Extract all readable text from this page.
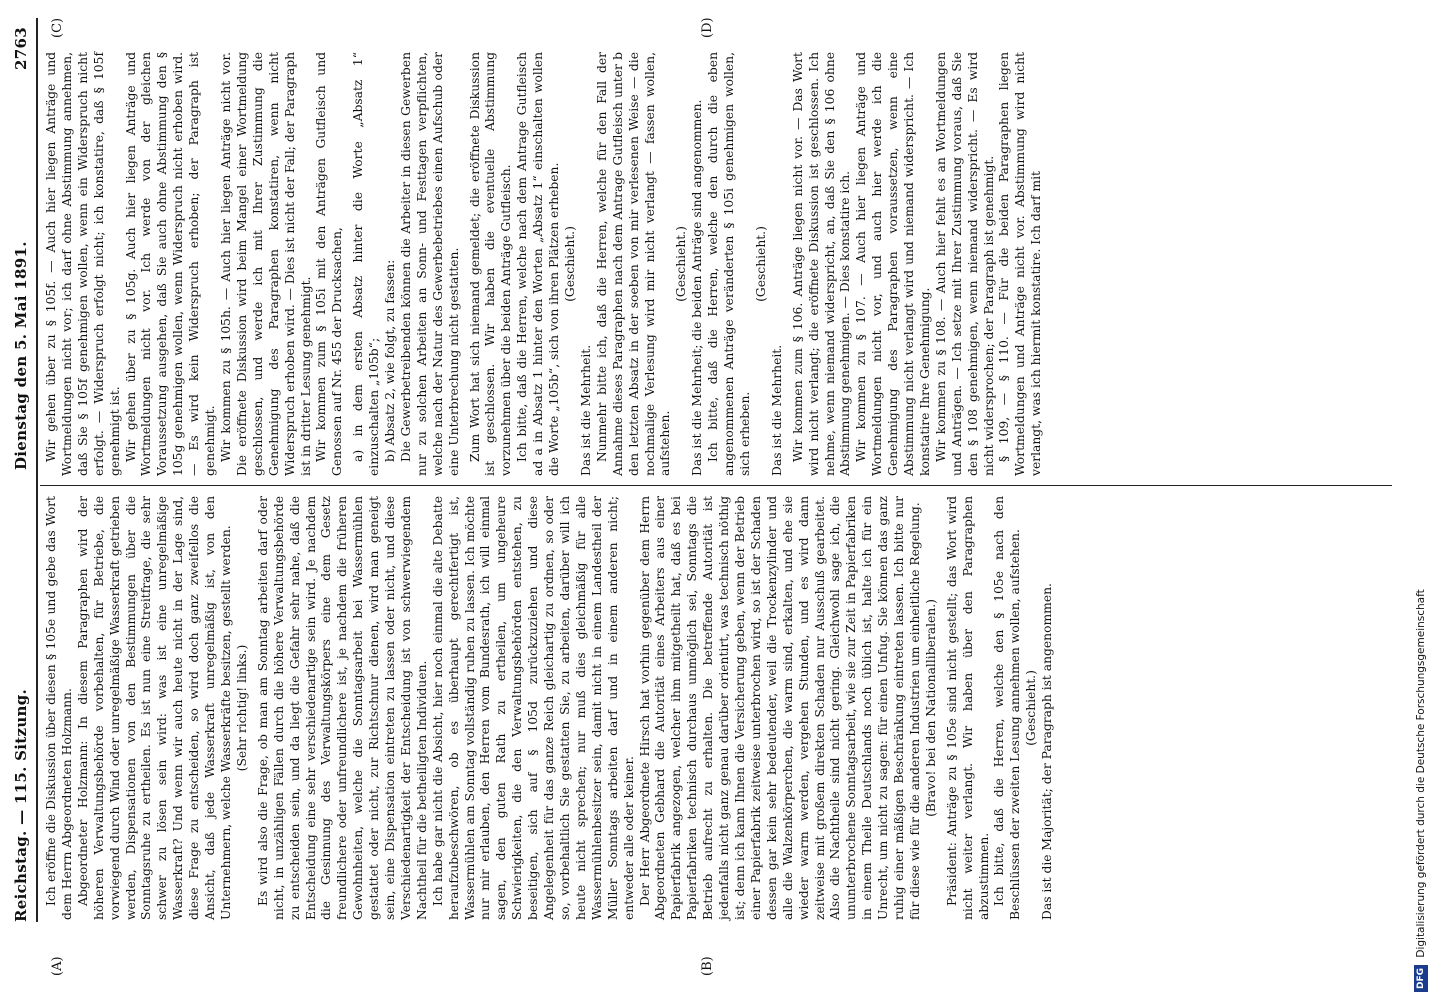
Reichstag. — 115. Sitzung.
Dienstag den 5. Mai 1891.
2763
(A)	(B)
(C)	(D)

Ich eröffne die Diskussion über diesen § 105e und gebe das Wort dem Herrn Abgeordneten Holzmann. Abgeordneter Holzmann: In diesem Paragraphen wird der höheren Verwaltungsbehörde vorbehalten, für Betriebe, die vorwiegend durch Wind oder unregelmäßige Wasserkraft getrieben werden, Dispensationen von den Bestimmungen über die Sonntagsruhe zu ertheilen. Es ist nun eine Streitfrage, die sehr schwer zu lösen sein wird: was ist eine unregelmäßige Wasserkraft? Und wenn wir auch heute nicht in der Lage sind, diese Frage zu entscheiden, so wird doch ganz zweifellos die Ansicht, daß jede Wasserkraft unregelmäßig ist, von den Unternehmern, welche Wasserkräfte besitzen, gestellt werden. (Sehr richtig! links.) Es wird also die Frage, ob man am Sonntag arbeiten darf oder nicht, in unzähligen Fällen durch die höhere Verwaltungsbehörde zu entscheiden sein, und da liegt die Gefahr sehr nahe, daß die Entscheidung eine sehr verschiedenartige sein wird. Je nachdem die Gesinnung des Verwaltungskörpers eine dem Gesetz freundlichere oder unfreundlichere ist, je nachdem die früheren Gewohnheiten, welche die Sonntagsarbeit bei Wassermühlen gestattet oder nicht, zur Richtschnur dienen, wird man geneigt sein, eine Dispensation eintreten zu lassen oder nicht, und diese Verschiedenartigkeit der Entscheidung ist von schwerwiegendem Nachtheil für die betheiligten Individuen. Ich habe gar nicht die Absicht, hier noch einmal die alte Debatte heraufzubeschwören, ob es überhaupt gerechtfertigt ist, Wassermühlen am Sonntag vollständig ruhen zu lassen. Ich möchte nur mir erlauben, den Herren vom Bundesrath, ich will einmal sagen, den guten Rath zu ertheilen, um ungeheure Schwierigkeiten, die den Verwaltungsbehörden entstehen, zu beseitigen, sich auf § 105d zurückzuziehen und diese Angelegenheit für das ganze Reich gleichartig zu ordnen, so oder so, vorbehaltlich Sie gestatten Sie, zu arbeiten, darüber will ich heute nicht sprechen; nur muß dies gleichmäßig für alle Wassermühlenbesitzer sein, damit nicht in einem Landestheil der Müller Sonntags arbeiten darf und in einem anderen nicht; entweder alle oder keiner. Der Herr Abgeordnete Hirsch hat vorhin gegenüber dem Herrn Abgeordneten Gebhard die Autorität eines Arbeiters aus einer Papierfabrik angezogen, welcher ihm mitgetheilt hat, daß es bei Papierfabriken technisch durchaus unmöglich sei, Sonntags die Betrieb aufrecht zu erhalten. Die betreffende Autorität ist jedenfalls nicht ganz genau darüber orientirt, was technisch nöthig ist; denn ich kann Ihnen die Versicherung geben, wenn der Betrieb einer Papierfabrik zeitweise unterbrochen wird, so ist der Schaden dessen gar kein sehr bedeutender, weil die Trockenzylinder und alle die Walzenkörperchen, die warm sind, erkalten, und ehe sie wieder warm werden, vergehen Stunden, und es wird dann zeitweise mit großem direkten Schaden nur Ausschuß gearbeitet. Also die Nachtheile sind nicht gering. Gleichwohl sage ich, die ununterbrochene Sonntagsarbeit, wie sie zur Zeit in Papierfabriken in einem Theile Deutschlands noch üblich ist, halte ich für ein Unrecht, um nicht zu sagen: für einen Unfug. Sie können das ganz ruhig einer mäßigen Beschränkung eintreten lassen. Ich bitte nur für diese wie für die anderen Industrien um einheitliche Regelung. (Bravo! bei den Nationalliberalen.) Präsident: Anträge zu § 105e sind nicht gestellt; das Wort wird nicht weiter verlangt. Wir haben über den Paragraphen abzustimmen. Ich bitte, daß die Herren, welche den § 105e nach den Beschlüssen der zweiten Lesung annehmen wollen, aufstehen. (Geschieht.) Das ist die Majorität; der Paragraph ist angenommen.

Wir gehen über zu § 105f. — Auch hier liegen Anträge und Wortmeldungen nicht vor; ich darf ohne Abstimmung annehmen, daß Sie § 105f genehmigen wollen, wenn ein Widerspruch nicht erfolgt. — Widerspruch erfolgt nicht; ich konstatire, daß § 105f genehmigt ist. Wir gehen über zu § 105g. Auch hier liegen Anträge und Wortmeldungen nicht vor. Ich werde von der gleichen Voraussetzung ausgehen, daß Sie auch ohne Abstimmung den § 105g genehmigen wollen, wenn Widerspruch nicht erhoben wird. — Es wird kein Widerspruch erhoben; der Paragraph ist genehmigt. Wir kommen zu § 105h. — Auch hier liegen Anträge nicht vor. Die eröffnete Diskussion wird beim Mangel einer Wortmeldung geschlossen, und werde ich mit Ihrer Zustimmung die Genehmigung des Paragraphen konstatiren, wenn nicht Widerspruch erhoben wird. — Dies ist nicht der Fall; der Paragraph ist in dritter Lesung genehmigt. Wir kommen zum § 105i mit den Anträgen Gutfleisch und Genossen auf Nr. 455 der Drucksachen, a) in dem ersten Absatz hinter die Worte „Absatz 1“ einzuschalten „105b“; b) Absatz 2, wie folgt, zu fassen: Die Gewerbetreibenden können die Arbeiter in diesen Gewerben nur zu solchen Arbeiten an Sonn- und Festtagen verpflichten, welche nach der Natur des Gewerbebetriebes einen Aufschub oder eine Unterbrechung nicht gestatten. Zum Wort hat sich niemand gemeldet; die eröffnete Diskussion ist geschlossen. Wir haben die eventuelle Abstimmung vorzunehmen über die beiden Anträge Gutfleisch. Ich bitte, daß die Herren, welche nach dem Antrage Gutfleisch ad a in Absatz 1 hinter den Worten „Absatz 1“ einschalten wollen die Worte „105b“, sich von ihren Plätzen erheben. (Geschieht.)

Das ist die Mehrheit. Nunmehr bitte ich, daß die Herren, welche für den Fall der Annahme dieses Paragraphen nach dem Antrage Gutfleisch unter b den letzten Absatz in der soeben von mir verlesenen Weise — die nochmalige Verlesung wird mir nicht verlangt — fassen wollen, aufstehen.

(Geschieht.) Das ist die Mehrheit; die beiden Anträge sind angenommen. Ich bitte, daß die Herren, welche den durch die eben angenommenen Anträge veränderten § 105i genehmigen wollen, sich erheben.

(Geschieht.)

Das ist die Mehrheit. Wir kommen zum § 106. Anträge liegen nicht vor. — Das Wort wird nicht verlangt; die eröffnete Diskussion ist geschlossen. Ich nehme, wenn niemand widerspricht, an, daß Sie den § 106 ohne Abstimmung genehmigen. — Dies konstatire ich. Wir kommen zu § 107. — Auch hier liegen Anträge und Wortmeldungen nicht vor, und auch hier werde ich die Genehmigung des Paragraphen voraussetzen, wenn eine Abstimmung nicht verlangt wird und niemand widerspricht. — Ich konstatire Ihre Genehmigung. Wir kommen zu § 108. — Auch hier fehlt es an Wortmeldungen und Anträgen. — Ich setze mit Ihrer Zustimmung voraus, daß Sie den § 108 genehmigen, wenn niemand widerspricht. — Es wird nicht widersprochen; der Paragraph ist genehmigt. § 109, — § 110. — Für die beiden Paragraphen liegen Wortmeldungen und Anträge nicht vor. Abstimmung wird nicht verlangt, was ich hiermit konstatire. Ich darf mit

DFG Digitalisierung gefördert durch die Deutsche Forschungsgemeinschaft
